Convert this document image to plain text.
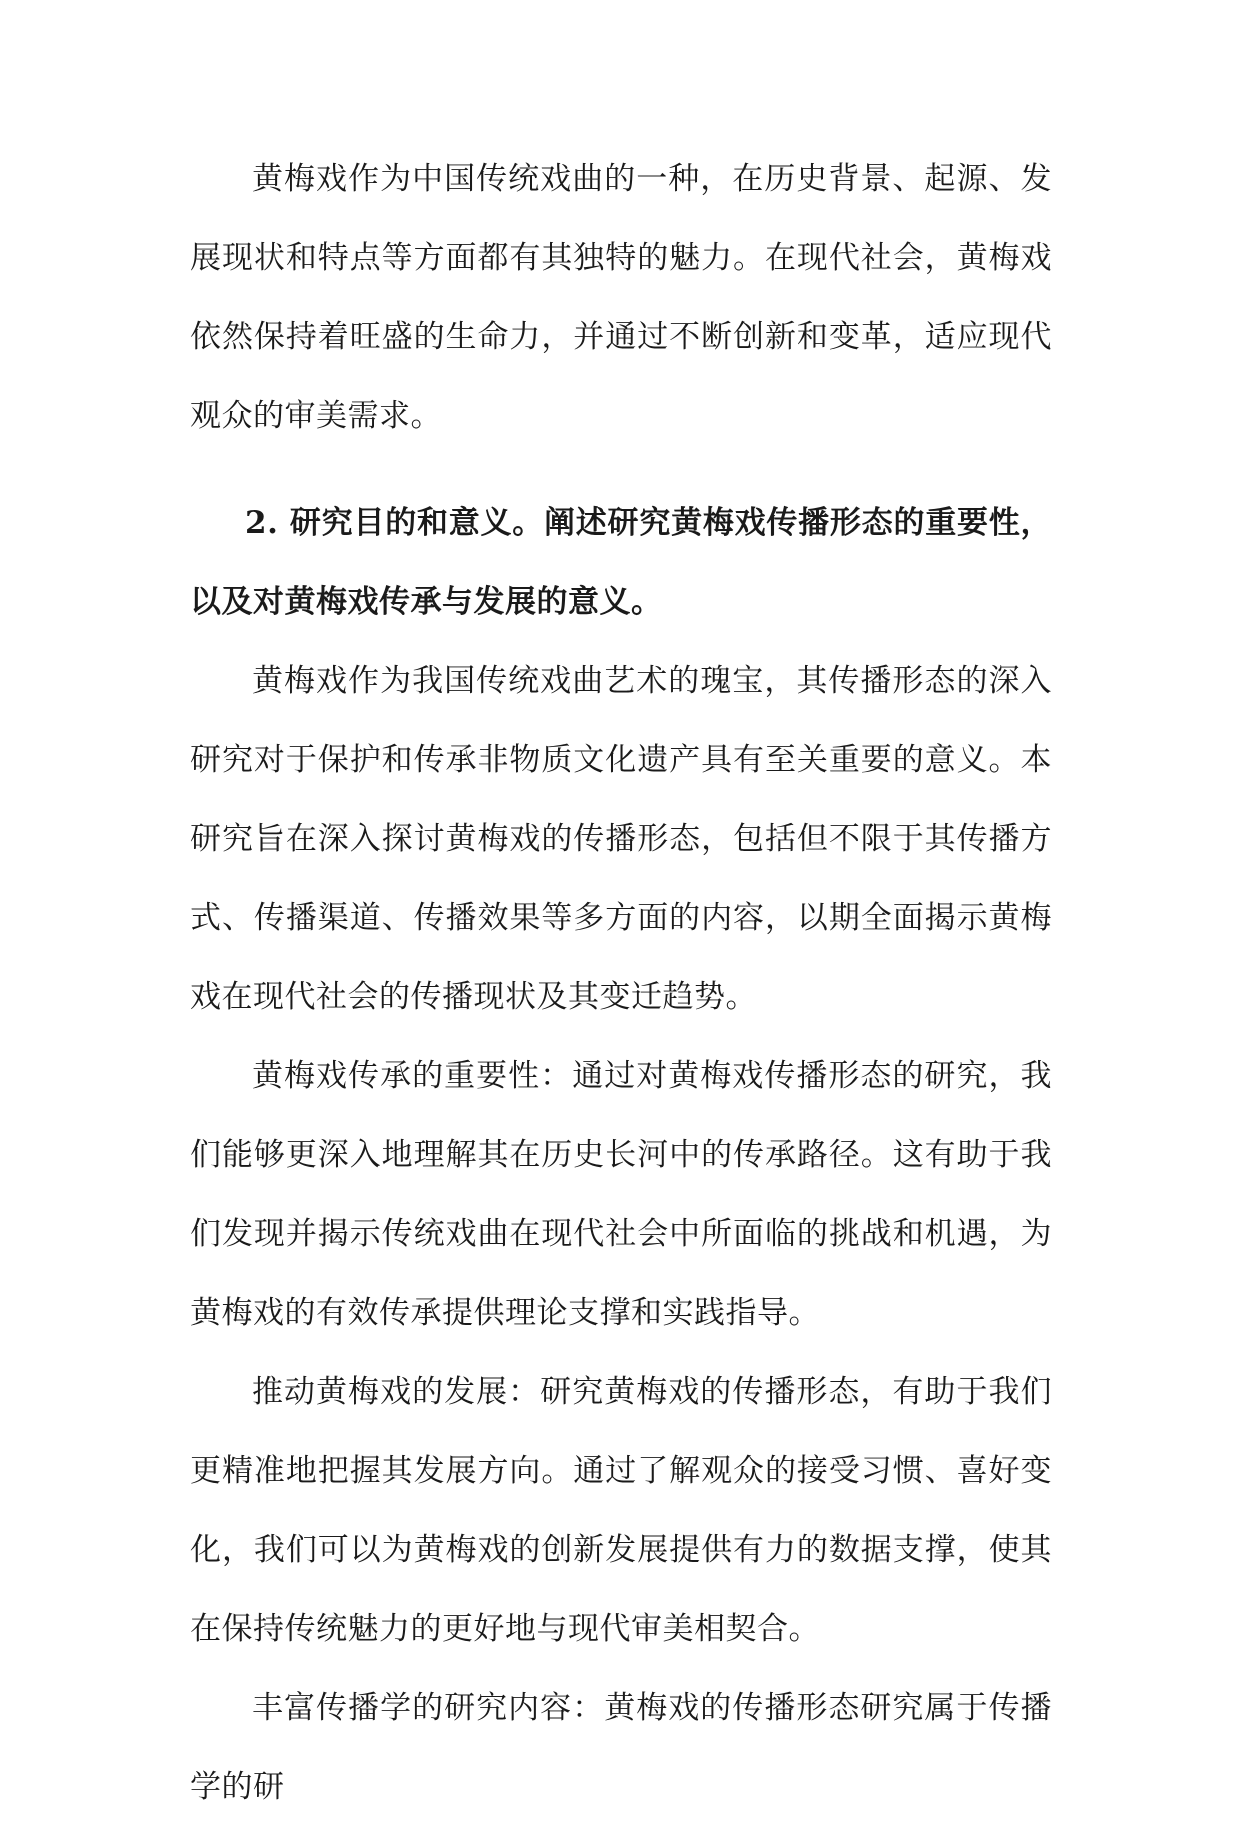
黄梅戏作为中国传统戏曲的一种，在历史背景、起源、发展现状和特点等方面都有其独特的魅力。在现代社会，黄梅戏依然保持着旺盛的生命力，并通过不断创新和变革，适应现代观众的审美需求。

2. 研究目的和意义。阐述研究黄梅戏传播形态的重要性，以及对黄梅戏传承与发展的意义。

黄梅戏作为我国传统戏曲艺术的瑰宝，其传播形态的深入研究对于保护和传承非物质文化遗产具有至关重要的意义。本研究旨在深入探讨黄梅戏的传播形态，包括但不限于其传播方式、传播渠道、传播效果等多方面的内容，以期全面揭示黄梅戏在现代社会的传播现状及其变迁趋势。

黄梅戏传承的重要性：通过对黄梅戏传播形态的研究，我们能够更深入地理解其在历史长河中的传承路径。这有助于我们发现并揭示传统戏曲在现代社会中所面临的挑战和机遇，为黄梅戏的有效传承提供理论支撑和实践指导。

推动黄梅戏的发展：研究黄梅戏的传播形态，有助于我们更精准地把握其发展方向。通过了解观众的接受习惯、喜好变化，我们可以为黄梅戏的创新发展提供有力的数据支撑，使其在保持传统魅力的更好地与现代审美相契合。

丰富传播学的研究内容：黄梅戏的传播形态研究属于传播学的研
